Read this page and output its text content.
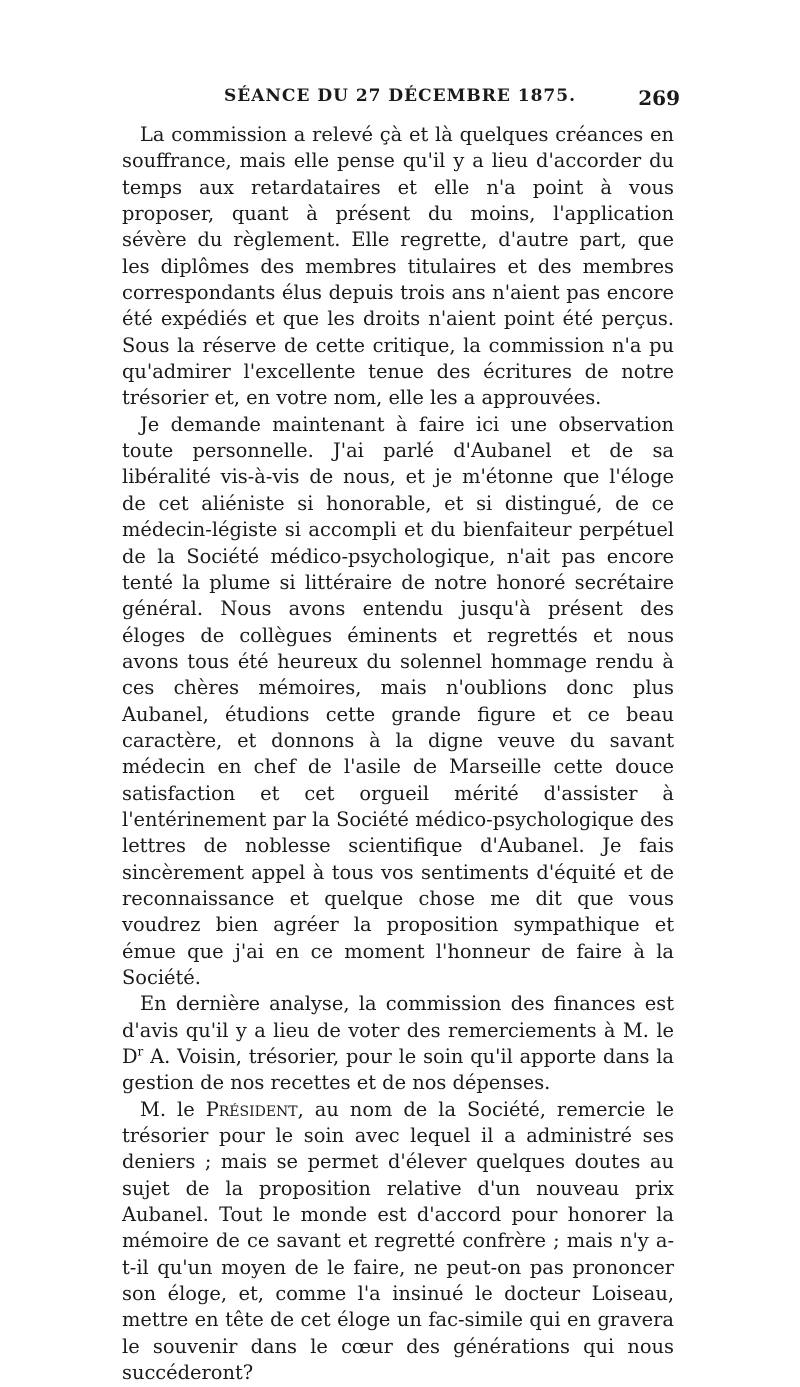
SÉANCE DU 27 DÉCEMBRE 1875.	269

La commission a relevé çà et là quelques créances en souffrance, mais elle pense qu'il y a lieu d'accorder du temps aux retardataires et elle n'a point à vous proposer, quant à présent du moins, l'application sévère du règlement. Elle regrette, d'autre part, que les diplômes des membres titulaires et des membres correspondants élus depuis trois ans n'aient pas encore été expédiés et que les droits n'aient point été perçus. Sous la réserve de cette critique, la commission n'a pu qu'admirer l'excellente tenue des écritures de notre trésorier et, en votre nom, elle les a approuvées.

Je demande maintenant à faire ici une observation toute personnelle. J'ai parlé d'Aubanel et de sa libéralité vis-à-vis de nous, et je m'étonne que l'éloge de cet aliéniste si honorable, et si distingué, de ce médecin-légiste si accompli et du bienfaiteur perpétuel de la Société médico-psychologique, n'ait pas encore tenté la plume si littéraire de notre honoré secrétaire général. Nous avons entendu jusqu'à présent des éloges de collègues éminents et regrettés et nous avons tous été heureux du solennel hommage rendu à ces chères mémoires, mais n'oublions donc plus Aubanel, étudions cette grande figure et ce beau caractère, et donnons à la digne veuve du savant médecin en chef de l'asile de Marseille cette douce satisfaction et cet orgueil mérité d'assister à l'entérinement par la Société médico-psychologique des lettres de noblesse scientifique d'Aubanel. Je fais sincèrement appel à tous vos sentiments d'équité et de reconnaissance et quelque chose me dit que vous voudrez bien agréer la proposition sympathique et émue que j'ai en ce moment l'honneur de faire à la Société.

En dernière analyse, la commission des finances est d'avis qu'il y a lieu de voter des remerciements à M. le $D^r$ A. Voisin, trésorier, pour le soin qu'il apporte dans la gestion de nos recettes et de nos dépenses.

M. le Président, au nom de la Société, remercie le trésorier pour le soin avec lequel il a administré ses deniers ; mais se permet d'élever quelques doutes au sujet de la proposition relative d'un nouveau prix Aubanel. Tout le monde est d'accord pour honorer la mémoire de ce savant et regretté confrère ; mais n'y a-t-il qu'un moyen de le faire, ne peut-on pas prononcer son éloge, et, comme l'a insinué le docteur Loiseau, mettre en tête de cet éloge un fac-simile qui en gravera le souvenir dans le cœur des générations qui nous succéderont?
